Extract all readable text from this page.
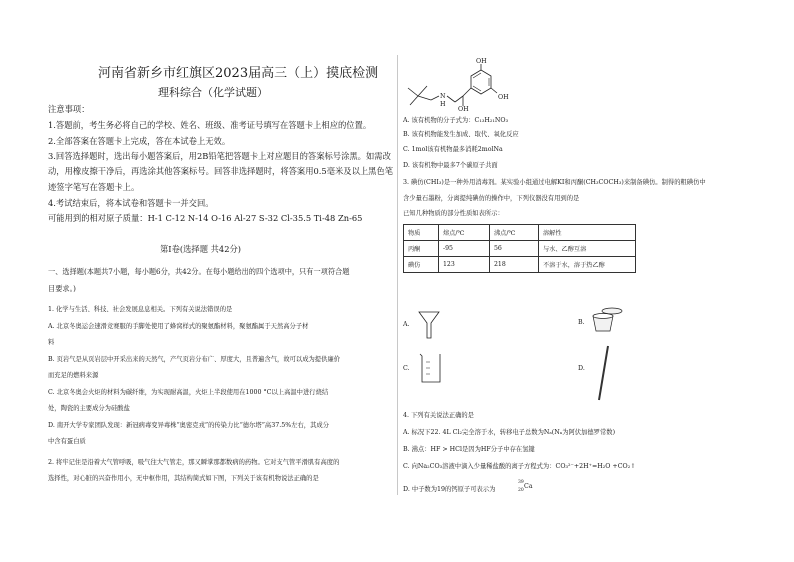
河南省新乡市红旗区2023届高三（上）摸底检测
理科综合（化学试题）
注意事项：
1.答题前，考生务必将自己的学校、姓名、班级、准考证号填写在答题卡上相应的位置。
2.全部答案在答题卡上完成，答在本试卷上无效。
3.回答选择题时，选出每小题答案后，用2B铅笔把答题卡上对应题目的答案标号涂黑。如需改
动，用橡皮擦干净后，再选涂其他答案标号。回答非选择题时，将答案用0.5毫米及以上黑色笔
迹签字笔写在答题卡上。
4.考试结束后，将本试卷和答题卡一并交回。
可能用到的相对原子质量：H-1 C-12 N-14 O-16 Al-27 S-32 Cl-35.5 Ti-48 Zn-65
第Ⅰ卷(选择题 共42分)
一、选择题(本题共7小题，每小题6分，共42分。在每小题给出的四个选项中，只有一项符合题
目要求。)
1. 化学与生活、科技、社会发展息息相关。下列有关说法错误的是
A. 北京冬奥运会速滑竞赛服的手脚处使用了蜂窝样式的聚氨酯材料，聚氨酯属于天然高分子材
料
B. 页岩气是从页岩层中开采出来的天然气，产气页岩分布广、厚度大，且普遍含气，故可以成为提供廉价
而充足的燃料来源
C. 北京冬奥会火炬的材料为碳纤维，为实现耐高温，火炬上半段使用在1000 °C以上高温中进行烧结
处，陶瓷的主要成分为硅酸盐
D. 南开大学专家团队发现：新冠病毒变异毒株“奥密克戎”的传染力比“德尔塔”高37.5%左右，其成分
中含有蛋白质
2. 将牢记住是沿着大气管呼吸，吸气往大气管走，那又瞬掌那都数病的药物。它对支气管平滑肌有高度的
选择性，对心脏的兴奋作用小，无中枢作用，其结构简式如下图，下列关于该有机物说法正确的是
OH
OH
N
H
OH
A. 该有机物的分子式为：C₁₃H₂₁NO₃
B. 该有机物能发生加成、取代、氧化反应
C. 1mol该有机物最多消耗2molNa
D. 该有机物中最多7个碳原子共面
3. 碘仿(CHI₃)是一种外用消毒剂。某实验小组通过电解KI和丙酮(CH₃COCH₃)来制备碘仿。制得的粗碘仿中
含少量石墨粉，分离提纯碘仿的操作中，下列仪器没有用到的是
已知几种物质的部分性质如表所示：
物质	熔点/℃	沸点/℃	溶解性
丙酮	-95	56	与水、乙醇互溶
碘仿	123	218	不溶于水，溶于热乙醇
A.	B.
C.	D.
4. 下列有关说法正确的是
A. 标况下22. 4L Cl₂完全溶于水，转移电子总数为Nₐ(Nₐ为阿伏加德罗常数)
B. 沸点：HF > HCl是因为HF分子中存在氢键
C. 向Na₂CO₃溶液中滴入少量稀盐酸的离子方程式为：CO₃²⁻+2H⁺=H₂O +CO₂↑
D. 中子数为19的钙原子可表示为
39
20
Ca
